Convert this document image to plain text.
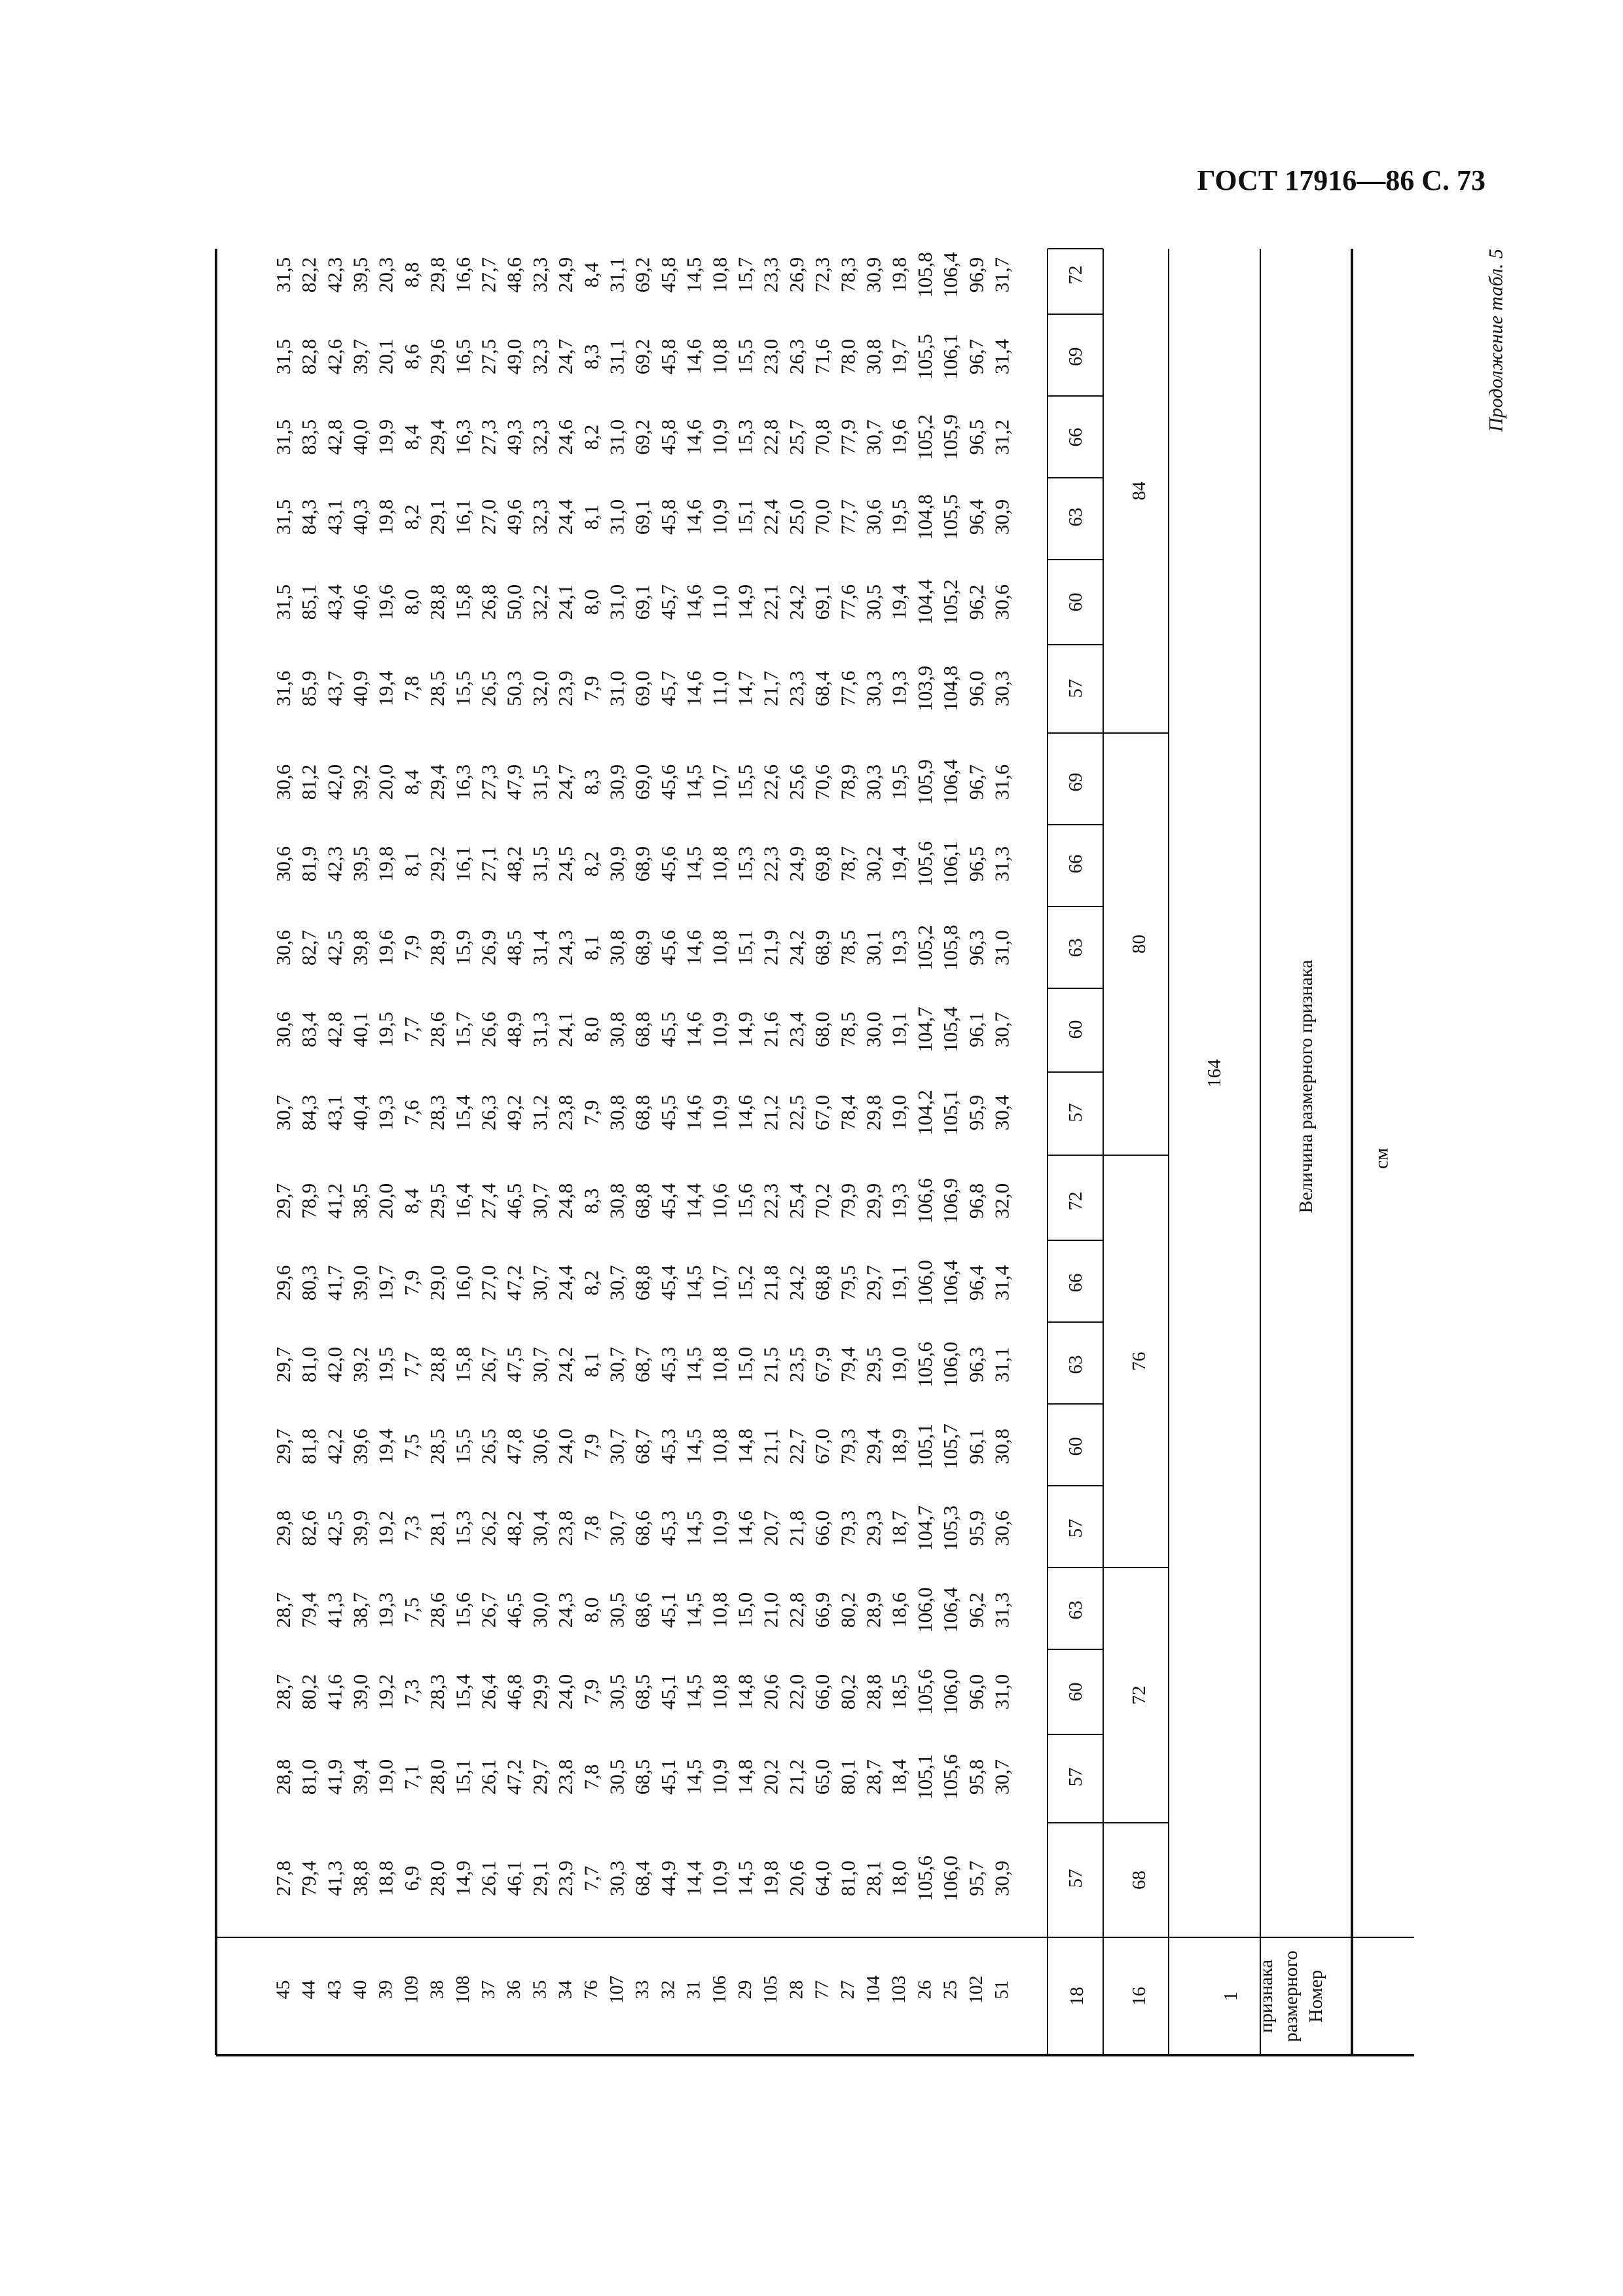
ГОСТ 17916—86 С. 73
Продолжение табл. 5
см
Номер
размерного
признака
1
16
18
Величина размерного признака
164
68
72
76
80
84
57
57
60
63
57
60
63
66
72
57
60
63
66
69
57
60
63
66
69
72
51
102
25
26
103
104
27
77
28
105
29
106
31
32
33
107
76
34
35
36
37
108
38
109
39
40
43
44
45
30,9
95,7
106,0
105,6
18,0
28,1
81,0
64,0
20,6
19,8
14,5
10,9
14,4
44,9
68,4
30,3
7,7
23,9
29,1
46,1
26,1
14,9
28,0
6,9
18,8
38,8
41,3
79,4
27,8
30,7
95,8
105,6
105,1
18,4
28,7
80,1
65,0
21,2
20,2
14,8
10,9
14,5
45,1
68,5
30,5
7,8
23,8
29,7
47,2
26,1
15,1
28,0
7,1
19,0
39,4
41,9
81,0
28,8
31,0
96,0
106,0
105,6
18,5
28,8
80,2
66,0
22,0
20,6
14,8
10,8
14,5
45,1
68,5
30,5
7,9
24,0
29,9
46,8
26,4
15,4
28,3
7,3
19,2
39,0
41,6
80,2
28,7
31,3
96,2
106,4
106,0
18,6
28,9
80,2
66,9
22,8
21,0
15,0
10,8
14,5
45,1
68,6
30,5
8,0
24,3
30,0
46,5
26,7
15,6
28,6
7,5
19,3
38,7
41,3
79,4
28,7
30,6
95,9
105,3
104,7
18,7
29,3
79,3
66,0
21,8
20,7
14,6
10,9
14,5
45,3
68,6
30,7
7,8
23,8
30,4
48,2
26,2
15,3
28,1
7,3
19,2
39,9
42,5
82,6
29,8
30,8
96,1
105,7
105,1
18,9
29,4
79,3
67,0
22,7
21,1
14,8
10,8
14,5
45,3
68,7
30,7
7,9
24,0
30,6
47,8
26,5
15,5
28,5
7,5
19,4
39,6
42,2
81,8
29,7
31,1
96,3
106,0
105,6
19,0
29,5
79,4
67,9
23,5
21,5
15,0
10,8
14,5
45,3
68,7
30,7
8,1
24,2
30,7
47,5
26,7
15,8
28,8
7,7
19,5
39,2
42,0
81,0
29,7
31,4
96,4
106,4
106,0
19,1
29,7
79,5
68,8
24,2
21,8
15,2
10,7
14,5
45,4
68,8
30,7
8,2
24,4
30,7
47,2
27,0
16,0
29,0
7,9
19,7
39,0
41,7
80,3
29,6
32,0
96,8
106,9
106,6
19,3
29,9
79,9
70,2
25,4
22,3
15,6
10,6
14,4
45,4
68,8
30,8
8,3
24,8
30,7
46,5
27,4
16,4
29,5
8,4
20,0
38,5
41,2
78,9
29,7
30,4
95,9
105,1
104,2
19,0
29,8
78,4
67,0
22,5
21,2
14,6
10,9
14,6
45,5
68,8
30,8
7,9
23,8
31,2
49,2
26,3
15,4
28,3
7,6
19,3
40,4
43,1
84,3
30,7
30,7
96,1
105,4
104,7
19,1
30,0
78,5
68,0
23,4
21,6
14,9
10,9
14,6
45,5
68,8
30,8
8,0
24,1
31,3
48,9
26,6
15,7
28,6
7,7
19,5
40,1
42,8
83,4
30,6
31,0
96,3
105,8
105,2
19,3
30,1
78,5
68,9
24,2
21,9
15,1
10,8
14,6
45,6
68,9
30,8
8,1
24,3
31,4
48,5
26,9
15,9
28,9
7,9
19,6
39,8
42,5
82,7
30,6
31,3
96,5
106,1
105,6
19,4
30,2
78,7
69,8
24,9
22,3
15,3
10,8
14,5
45,6
68,9
30,9
8,2
24,5
31,5
48,2
27,1
16,1
29,2
8,1
19,8
39,5
42,3
81,9
30,6
31,6
96,7
106,4
105,9
19,5
30,3
78,9
70,6
25,6
22,6
15,5
10,7
14,5
45,6
69,0
30,9
8,3
24,7
31,5
47,9
27,3
16,3
29,4
8,4
20,0
39,2
42,0
81,2
30,6
30,3
96,0
104,8
103,9
19,3
30,3
77,6
68,4
23,3
21,7
14,7
11,0
14,6
45,7
69,0
31,0
7,9
23,9
32,0
50,3
26,5
15,5
28,5
7,8
19,4
40,9
43,7
85,9
31,6
30,6
96,2
105,2
104,4
19,4
30,5
77,6
69,1
24,2
22,1
14,9
11,0
14,6
45,7
69,1
31,0
8,0
24,1
32,2
50,0
26,8
15,8
28,8
8,0
19,6
40,6
43,4
85,1
31,5
30,9
96,4
105,5
104,8
19,5
30,6
77,7
70,0
25,0
22,4
15,1
10,9
14,6
45,8
69,1
31,0
8,1
24,4
32,3
49,6
27,0
16,1
29,1
8,2
19,8
40,3
43,1
84,3
31,5
31,2
96,5
105,9
105,2
19,6
30,7
77,9
70,8
25,7
22,8
15,3
10,9
14,6
45,8
69,2
31,0
8,2
24,6
32,3
49,3
27,3
16,3
29,4
8,4
19,9
40,0
42,8
83,5
31,5
31,4
96,7
106,1
105,5
19,7
30,8
78,0
71,6
26,3
23,0
15,5
10,8
14,6
45,8
69,2
31,1
8,3
24,7
32,3
49,0
27,5
16,5
29,6
8,6
20,1
39,7
42,6
82,8
31,5
31,7
96,9
106,4
105,8
19,8
30,9
78,3
72,3
26,9
23,3
15,7
10,8
14,5
45,8
69,2
31,1
8,4
24,9
32,3
48,6
27,7
16,6
29,8
8,8
20,3
39,5
42,3
82,2
31,5
